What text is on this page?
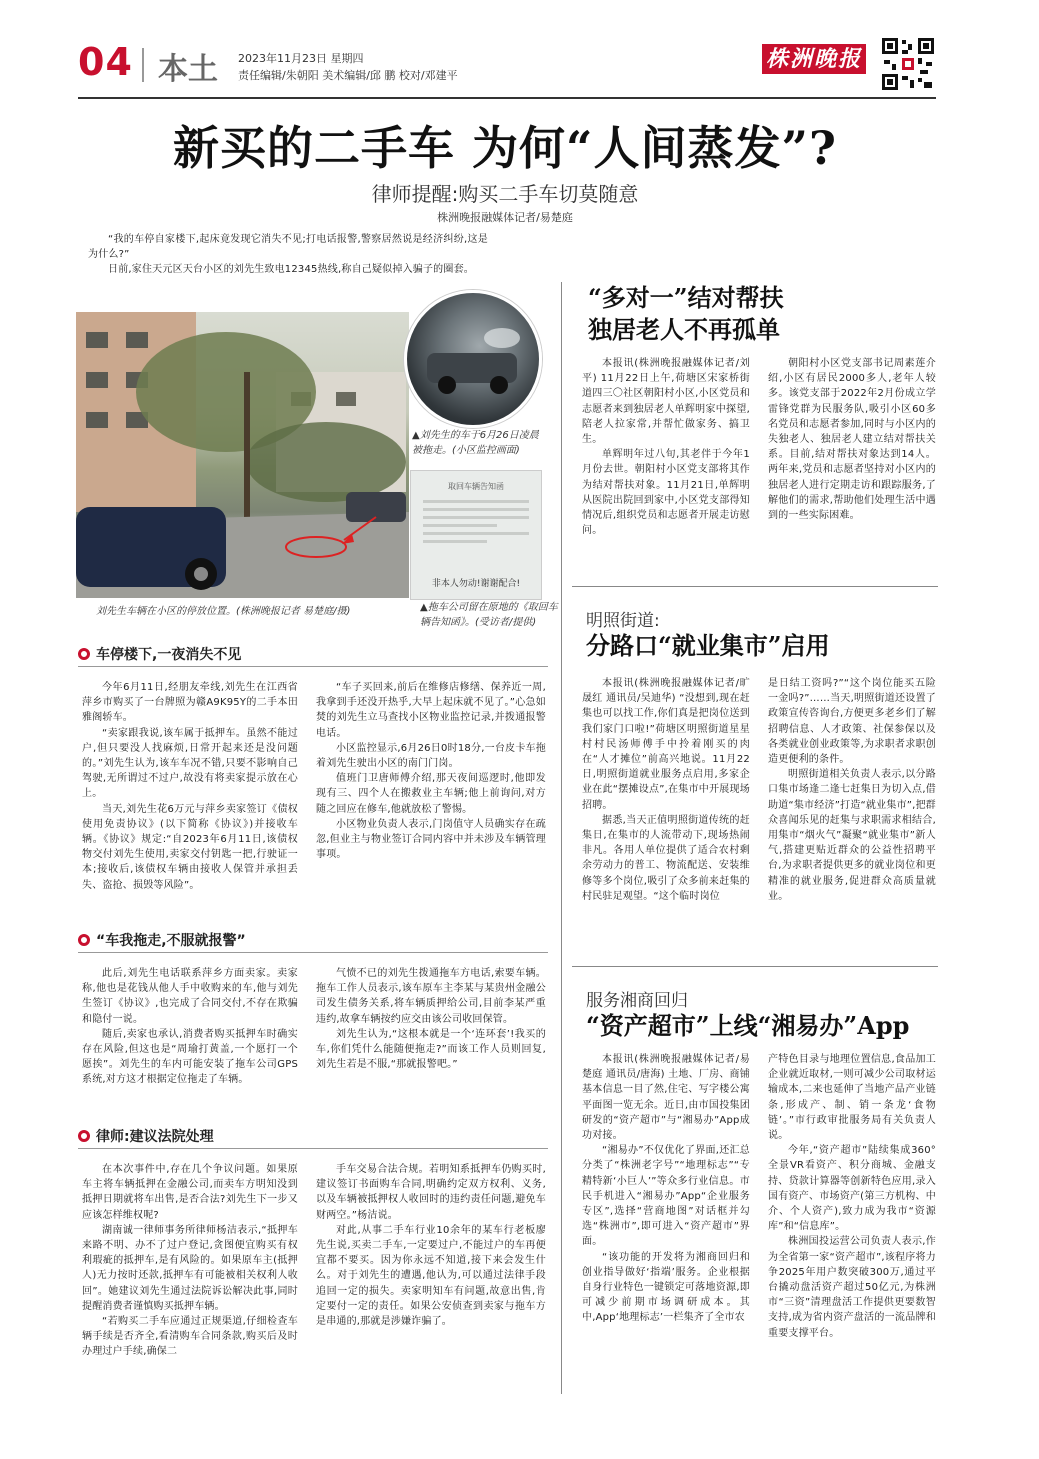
04 本土 2023年11月23日 星期四
责任编辑/朱朝阳 美术编辑/邱 鹏 校对/邓建平
株洲晚报
新买的二手车 为何“人间蒸发”?
律师提醒:购买二手车切莫随意
株洲晚报融媒体记者/易楚庭

“我的车停自家楼下,起床竟发现它消失不见;打电话报警,警察居然说是经济纠纷,这是为什么?”

日前,家住天元区天台小区的刘先生致电12345热线,称自己疑似掉入骗子的圈套。

▲刘先生的车于6月26日凌晨被拖走。(小区监控画面)
取回车辆告知函
非本人勿动!谢谢配合!
刘先生车辆在小区的停放位置。(株洲晚报记者 易楚庭/摄)	▲拖车公司留在原地的《取回车辆告知函》。(受访者/提供)
车停楼下,一夜消失不见

今年6月11日,经朋友牵线,刘先生在江西省萍乡市购买了一台牌照为赣A9K95Y的二手本田雅阁轿车。

“卖家跟我说,该车属于抵押车。虽然不能过户,但只要没人找麻烦,日常开起来还是没问题的。”刘先生认为,该车车况不错,只要不影响自己驾驶,无所谓过不过户,故没有将卖家提示放在心上。

当天,刘先生花6万元与萍乡卖家签订《债权使用免责协议》(以下简称《协议》)并接收车辆。《协议》规定:“自2023年6月11日,该债权物交付刘先生使用,卖家交付钥匙一把,行驶证一本;接收后,该债权车辆由接收人保管并承担丢失、盗抢、损毁等风险”。

“车子买回来,前后在维修店修缮、保养近一周,我拿到手还没开热乎,大早上起床就不见了。”心急如焚的刘先生立马查找小区物业监控记录,并拨通报警电话。

小区监控显示,6月26日0时18分,一台皮卡车拖着刘先生驶出小区的南门门岗。

值班门卫唐师傅介绍,那天夜间巡逻时,他即发现有三、四个人在搬救业主车辆;他上前询问,对方随之回应在修车,他就放松了警惕。

小区物业负责人表示,门岗值守人员确实存在疏忽,但业主与物业签订合同内容中并未涉及车辆管理事项。

“车我拖走,不服就报警”

此后,刘先生电话联系萍乡方面卖家。卖家称,他也是花钱从他人手中收购来的车,他与刘先生签订《协议》,也完成了合同交付,不存在欺骗和隐付一说。

随后,卖家也承认,消费者购买抵押车时确实存在风险,但这也是“周瑜打黄盖,一个愿打一个愿挨”。刘先生的车内可能安装了拖车公司GPS系统,对方这才根据定位拖走了车辆。

气愤不已的刘先生拨通拖车方电话,索要车辆。拖车工作人员表示,该车原车主李某与某贵州金融公司发生债务关系,将车辆质押给公司,目前李某严重违约,故拿车辆按约应交由该公司收回保管。

刘先生认为,“这根本就是一个‘连环套’!我买的车,你们凭什么能随便拖走?”而该工作人员则回复,刘先生若是不服,“那就报警吧。”

律师:建议法院处理

在本次事件中,存在几个争议问题。如果原车主将车辆抵押在金融公司,而卖车方明知没到抵押日期就将车出售,是否合法?刘先生下一步又应该怎样维权呢?

湖南诚一律师事务所律师杨洁表示,“抵押车来路不明、办不了过户登记,贪图便宜购买有权利瑕疵的抵押车,是有风险的。如果原车主(抵押人)无力按时还款,抵押车有可能被相关权利人收回”。她建议刘先生通过法院诉讼解决此事,同时提醒消费者谨慎购买抵押车辆。

“若购买二手车应通过正规渠道,仔细检查车辆手续是否齐全,看清购车合同条款,购买后及时办理过户手续,确保二

手车交易合法合规。若明知系抵押车仍购买时,建议签订书面购车合同,明确约定双方权利、义务,以及车辆被抵押权人收回时的违约责任问题,避免车财两空。”杨洁说。

对此,从事二手车行业10余年的某车行老板廖先生说,买卖二手车,一定要过户,不能过户的车再便宜都不要买。因为你永远不知道,接下来会发生什么。对于刘先生的遭遇,他认为,可以通过法律手段追回一定的损失。卖家明知车有问题,故意出售,肯定要付一定的责任。如果公安侦查到卖家与拖车方是串通的,那就是涉嫌诈骗了。

“多对一”结对帮扶
独居老人不再孤单

本报讯(株洲晚报融媒体记者/刘平) 11月22日上午,荷塘区宋家桥街道四三〇社区朝阳村小区,小区党员和志愿者来到独居老人单辉明家中探望,陪老人拉家常,并帮忙做家务、搞卫生。

单辉明年过八旬,其老伴于今年1月份去世。朝阳村小区党支部将其作为结对帮扶对象。11月21日,单辉明从医院出院回到家中,小区党支部得知情况后,组织党员和志愿者开展走访慰问。

朝阳村小区党支部书记周素莲介绍,小区有居民2000多人,老年人较多。该党支部于2022年2月份成立学雷锋党群为民服务队,吸引小区60多名党员和志愿者参加,同时与小区内的失独老人、独居老人建立结对帮扶关系。目前,结对帮扶对象达到14人。两年来,党员和志愿者坚持对小区内的独居老人进行定期走访和跟踪服务,了解他们的需求,帮助他们处理生活中遇到的一些实际困难。

明照街道:
分路口“就业集市”启用

本报讯(株洲晚报融媒体记者/旷晟红 通讯员/吴迪华) “没想到,现在赶集也可以找工作,你们真是把岗位送到我们家门口啦!”荷塘区明照街道星星村村民汤师傅手中拎着刚买的肉在“人才摊位”前高兴地说。11月22日,明照街道就业服务点启用,多家企业在此“摆摊设点”,在集市中开展现场招聘。

据悉,当天正值明照街道传统的赶集日,在集市的人流带动下,现场热闹非凡。各用人单位提供了适合农村剩余劳动力的普工、物流配送、安装维修等多个岗位,吸引了众多前来赶集的村民驻足观望。“这个临时岗位

是日结工资吗?”“这个岗位能买五险一金吗?”……当天,明照街道还设置了政策宣传咨询台,方便更多老乡们了解招聘信息、人才政策、社保参保以及各类就业创业政策等,为求职者求职创造更便利的条件。

明照街道相关负责人表示,以分路口集市场逢二逢七赶集日为切入点,借助道“集市经济”打造“就业集市”,把群众喜闻乐见的赶集与求职需求相结合,用集市“烟火气”凝聚“就业集市”新人气,搭建更贴近群众的公益性招聘平台,为求职者提供更多的就业岗位和更精准的就业服务,促进群众高质量就业。

服务湘商回归
“资产超市”上线“湘易办”App

本报讯(株洲晚报融媒体记者/易楚庭 通讯员/唐海) 土地、厂房、商铺基本信息一目了然,住宅、写字楼公寓平面图一览无余。近日,由市国投集团研发的“资产超市”与“湘易办”App成功对接。

“湘易办”不仅优化了界面,还汇总分类了“株洲老字号”“地理标志”“专精特新‘小巨人’”等众多行业信息。市民手机进入“湘易办”App“企业服务专区”,选择“营商地图”对话框并勾选“株洲市”,即可进入“资产超市”界面。

“该功能的开发将为湘商回归和创业指导做好‘指端’服务。企业根据自身行业特色一键锁定可落地资源,即可减少前期市场调研成本。其中,App‘地理标志’一栏集齐了全市农

产特色目录与地理位置信息,食品加工企业就近取材,一则可减少公司取材运输成本,二来也延伸了当地产品产业链条,形成产、制、销一条龙‘食物链’。”市行政审批服务局有关负责人说。

今年,“资产超市”陆续集成360°全景VR看资产、积分商城、金融支持、贷款计算器等创新特色应用,录入国有资产、市场资产(第三方机构、中介、个人资产),致力成为我市“资源库”和“信息库”。

株洲国投运营公司负责人表示,作为全省第一家“资产超市”,该程序将力争2025年用户数突破300万,通过平台撬动盘活资产超过50亿元,为株洲市“三资”清理盘活工作提供更要数智支持,成为省内资产盘活的一流品牌和重要支撑平台。
